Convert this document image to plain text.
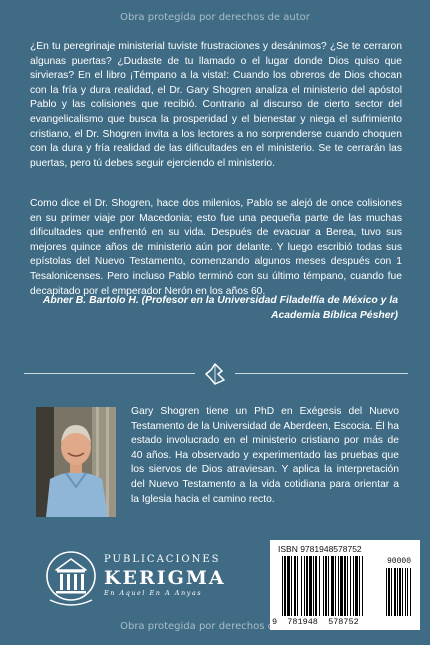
Obra protegida por derechos de autor
¿En tu peregrinaje ministerial tuviste frustraciones y desánimos? ¿Se te cerraron algunas puertas? ¿Dudaste de tu llamado o el lugar donde Dios quiso que sirvieras? En el libro ¡Témpano a la vista!: Cuando los obreros de Dios chocan con la fría y dura realidad, el Dr. Gary Shogren analiza el ministerio del apóstol Pablo y las colisiones que recibió. Contrario al discurso de cierto sector del evangelicalismo que busca la prosperidad y el bienestar y niega el sufrimiento cristiano, el Dr. Shogren invita a los lectores a no sorprenderse cuando choquen con la dura y fría realidad de las dificultades en el ministerio. Se te cerrarán las puertas, pero tú debes seguir ejerciendo el ministerio.
Como dice el Dr. Shogren, hace dos milenios, Pablo se alejó de once colisiones en su primer viaje por Macedonia; esto fue una pequeña parte de las muchas dificultades que enfrentó en su vida. Después de evacuar a Berea, tuvo sus mejores quince años de ministerio aún por delante. Y luego escribió todas sus epístolas del Nuevo Testamento, comenzando algunos meses después con 1 Tesalonicenses. Pero incluso Pablo terminó con su último témpano, cuando fue decapitado por el emperador Nerón en los años 60.
Abner B. Bartolo H. (Profesor en la Universidad Filadelfía de México y la Academia Bíblica Pésher)
Gary Shogren tiene un PhD en Exégesis del Nuevo Testamento de la Universidad de Aberdeen, Escocia. Él ha estado involucrado en el ministerio cristiano por más de 40 años. Ha observado y experimentado las pruebas que los siervos de Dios atraviesan. Y aplica la interpretación del Nuevo Testamento a la vida cotidiana para orientar a la Iglesia hacia el camino recto.
PUBLICACIONES
KERIGMA
En Aquel En A Anyas
ISBN 9781948578752
90000
9  781948  578752
Obra protegida por derechos de autor
